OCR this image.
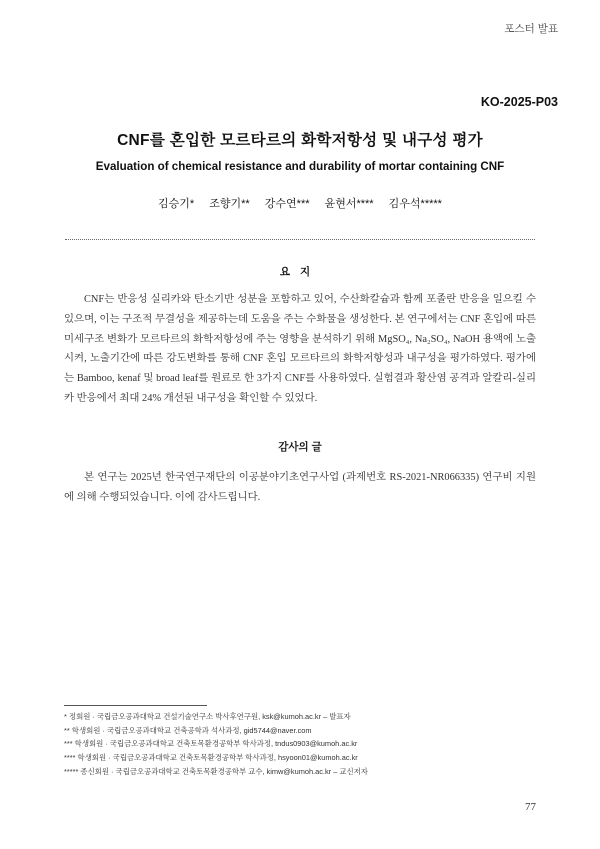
포스터 발표
KO-2025-P03
CNF를 혼입한 모르타르의 화학저항성 및 내구성 평가
Evaluation of chemical resistance and durability of mortar containing CNF
김승기* 조향기** 강수연*** 윤현서**** 김우석*****
요지

CNF는 반응성 실리카와 탄소기반 성분을 포함하고 있어, 수산화칼슘과 함께 포졸란 반응을 일으킬 수 있으며, 이는 구조적 무결성을 제공하는데 도움을 주는 수화물을 생성한다. 본 연구에서는 CNF 혼입에 따른 미세구조 변화가 모르타르의 화학저항성에 주는 영향을 분석하기 위해 MgSO₄, Na₂SO₄, NaOH 용액에 노출시켜, 노출기간에 따른 강도변화를 통해 CNF 혼입 모르타르의 화학저항성과 내구성을 평가하였다. 평가에는 Bamboo, kenaf 및 broad leaf를 원료로 한 3가지 CNF를 사용하였다. 실험결과 황산염 공격과 알칼리-실리카 반응에서 최대 24% 개선된 내구성을 확인할 수 있었다.

감사의 글

본 연구는 2025년 한국연구재단의 이공분야기초연구사업 (과제번호 RS-2021-NR066335) 연구비 지원에 의해 수행되었습니다. 이에 감사드립니다.

* 정회원 · 국립금오공과대학교 건설기술연구소 박사후연구원, ksk@kumoh.ac.kr – 발표자
** 학생회원 · 국립금오공과대학교 건축공학과 석사과정, gid5744@naver.com
*** 학생회원 · 국립금오공과대학교 건축토목환경공학부 학사과정, tndus0903@kumoh.ac.kr
**** 학생회원 · 국립금오공과대학교 건축토목환경공학부 학사과정, hsyoon01@kumoh.ac.kr
***** 종신회원 · 국립금오공과대학교 건축토목환경공학부 교수, kimw@kumoh.ac.kr – 교신저자
77
